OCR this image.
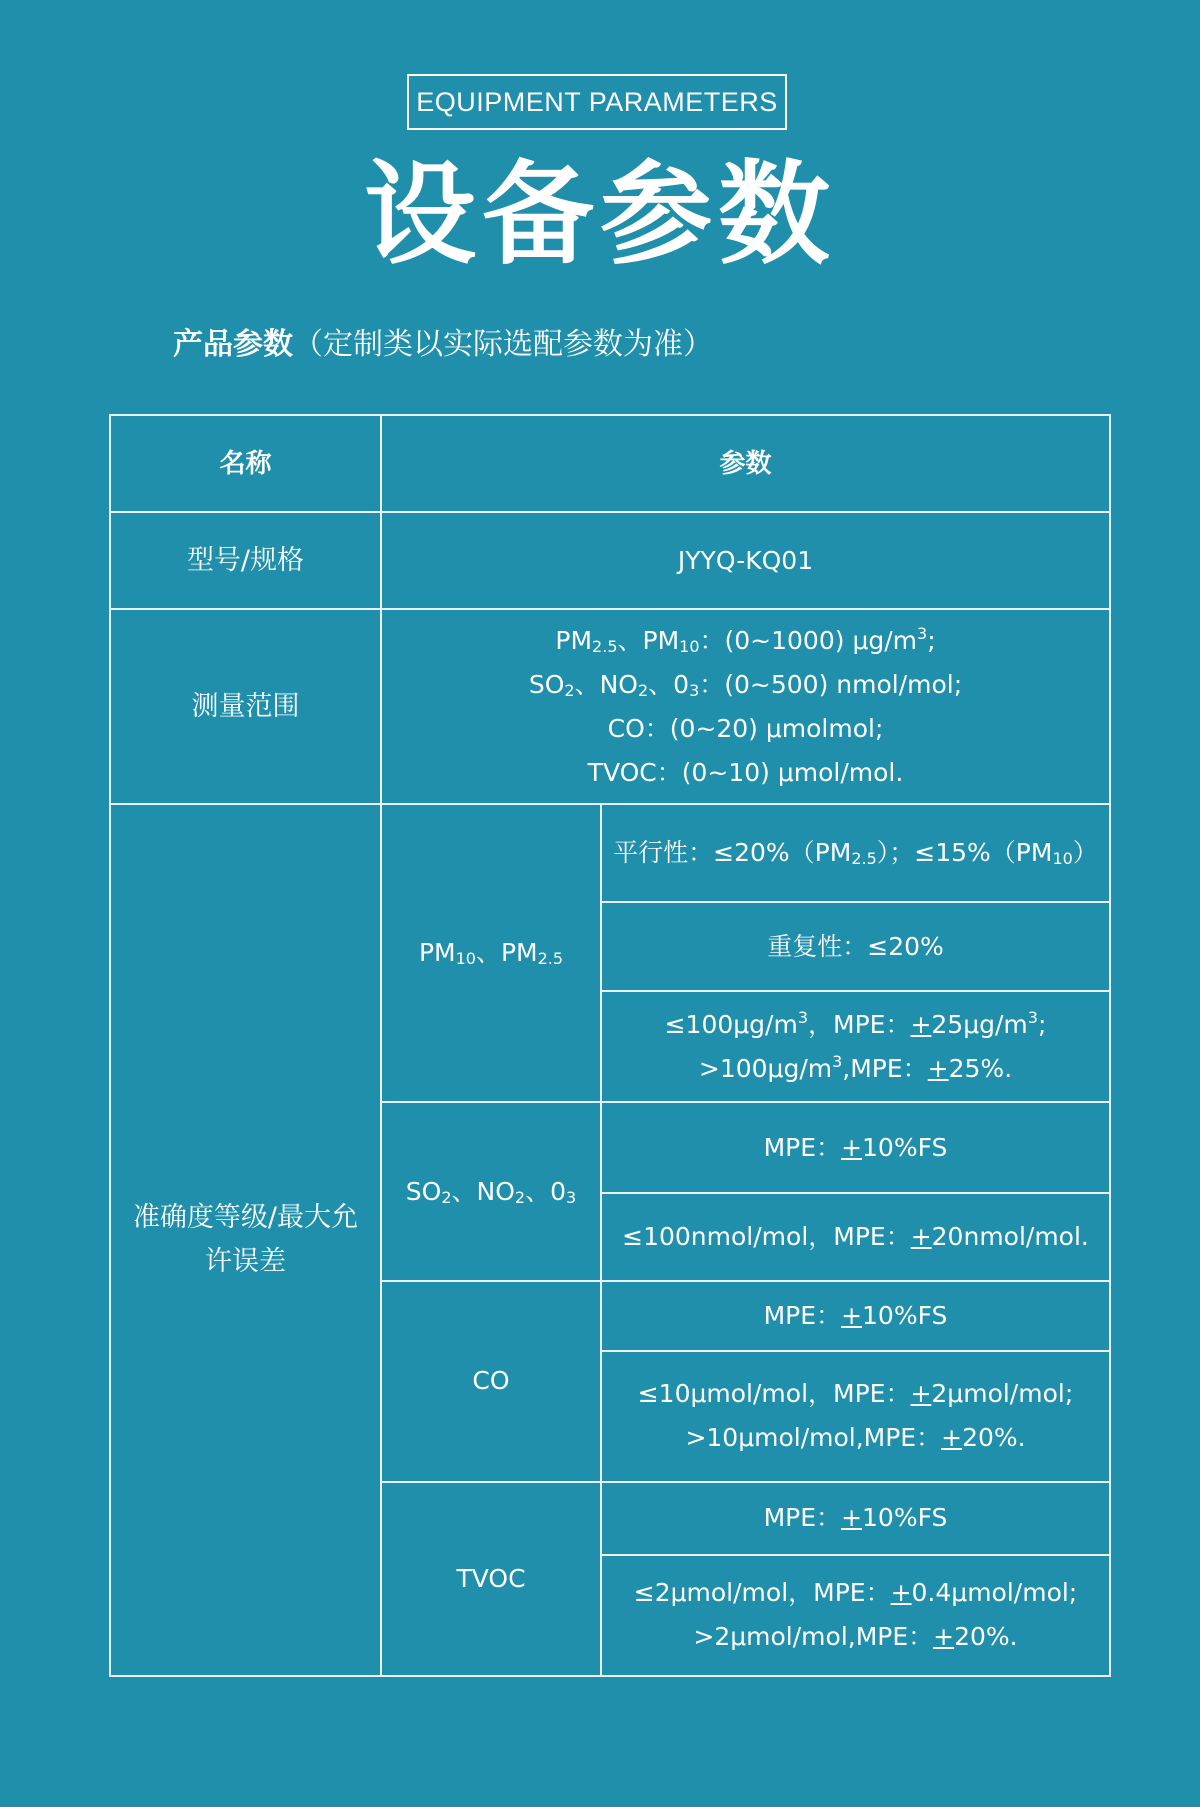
EQUIPMENT PARAMETERS
设备参数
产品参数（定制类以实际选配参数为准）
名称	参数	
型号/规格	JYYQ-KQ01	
测量范围	$PM_{2.5}$、$PM_{10}$：(0~1000) $\mu g/m^3$;
$SO_2$、$NO_2$、$0_3$：(0~500) nmol/mol;
CO：(0~20) μmolmol;
TVOC：(0~10) μmol/mol.	

准确度等级/最大允许误差	$PM_{10}$、$PM_{2.5}$	平行性：$\le 20\%(PM_{2.5})$；$\le 15\%(PM_{10})$
		重复性：≤20%

		$\le 100\mu g/m^3$，MPE：$+25\mu g/m^3$;
$>100\mu g/m^3,MPE$：+25%.

	$SO_2$、$NO_2$、$0_3$	MPE：+10%FS
		≤100nmol/mol，MPE：+20nmol/mol.
	CO	MPE：+10%FS

		≤10μmol/mol，MPE：+2μmol/mol;
>10μmol/mol,MPE：+20%.

	TVOC	MPE：+10%FS

		≤2μmol/mol，MPE：+0.4μmol/mol;
>2μmol/mol,MPE：+20%.
